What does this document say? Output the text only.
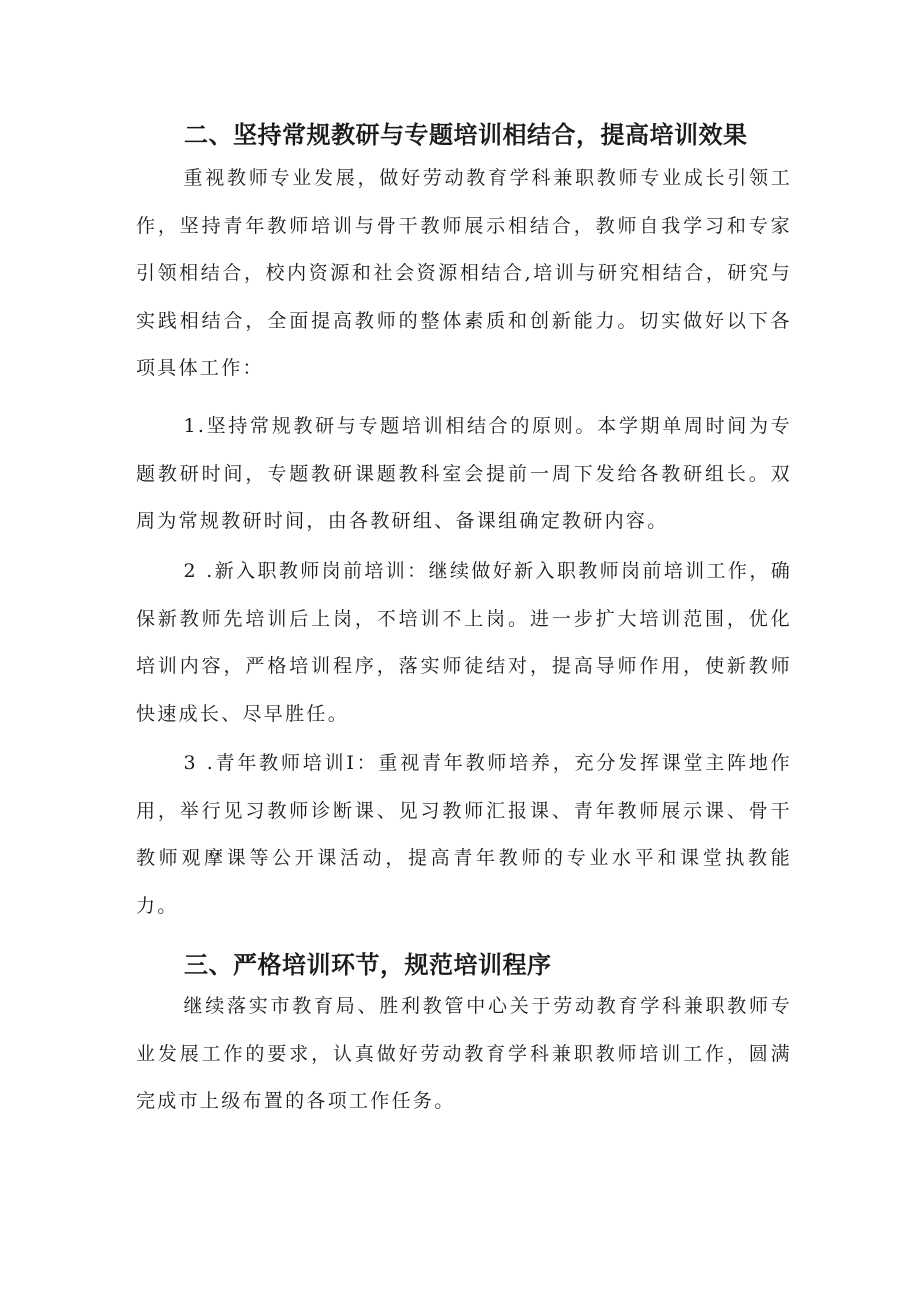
二、坚持常规教研与专题培训相结合，提高培训效果
重视教师专业发展，做好劳动教育学科兼职教师专业成长引领工作，坚持青年教师培训与骨干教师展示相结合，教师自我学习和专家引领相结合，校内资源和社会资源相结合,培训与研究相结合，研究与实践相结合，全面提高教师的整体素质和创新能力。切实做好以下各项具体工作：
1.坚持常规教研与专题培训相结合的原则。本学期单周时间为专题教研时间，专题教研课题教科室会提前一周下发给各教研组长。双周为常规教研时间，由各教研组、备课组确定教研内容。
2 .新入职教师岗前培训：继续做好新入职教师岗前培训工作，确保新教师先培训后上岗，不培训不上岗。进一步扩大培训范围，优化培训内容，严格培训程序，落实师徒结对，提高导师作用，使新教师快速成长、尽早胜任。
3 .青年教师培训I：重视青年教师培养，充分发挥课堂主阵地作用，举行见习教师诊断课、见习教师汇报课、青年教师展示课、骨干教师观摩课等公开课活动，提高青年教师的专业水平和课堂执教能力。
三、严格培训环节，规范培训程序
继续落实市教育局、胜利教管中心关于劳动教育学科兼职教师专业发展工作的要求，认真做好劳动教育学科兼职教师培训工作，圆满完成市上级布置的各项工作任务。
